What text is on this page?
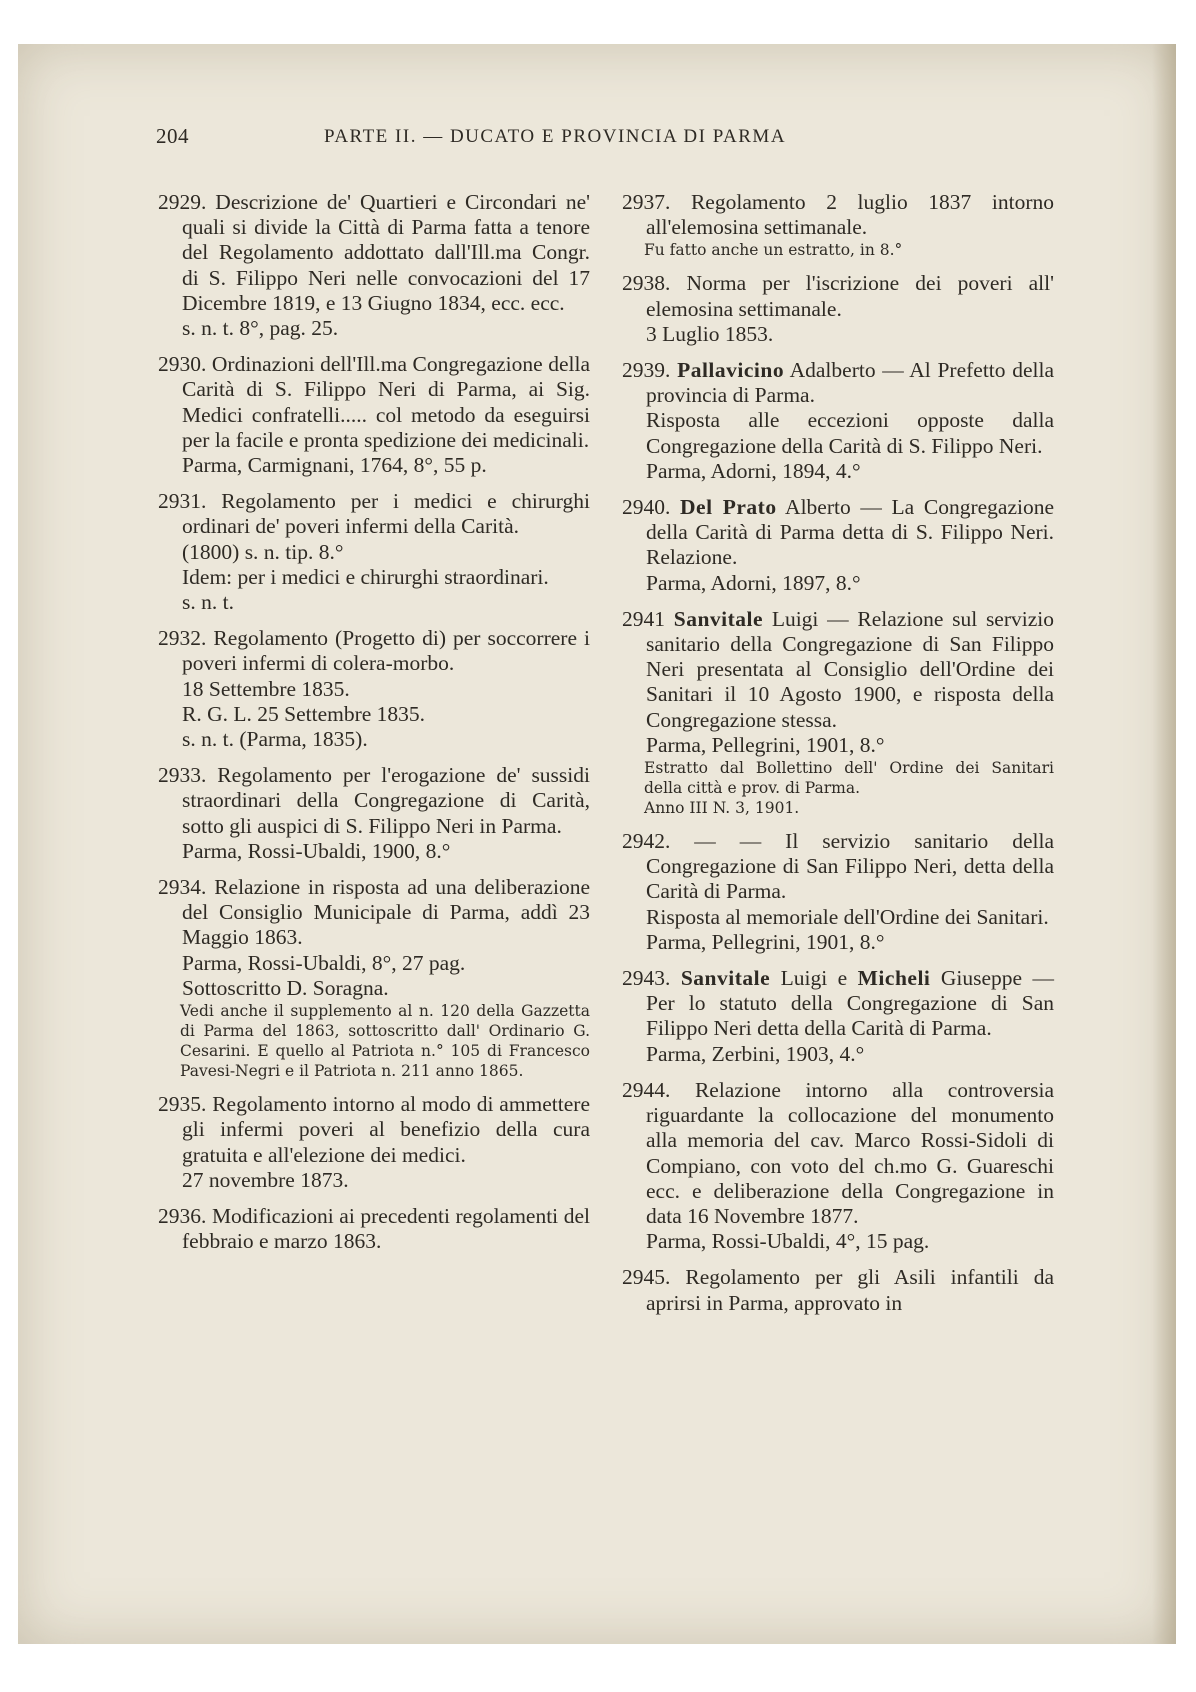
204	PARTE II. — DUCATO E PROVINCIA DI PARMA

2929. Descrizione de' Quartieri e Circondari ne' quali si divide la Città di Parma fatta a tenore del Regolamento addottato dall'Ill.ma Congr. di S. Filippo Neri nelle convocazioni del 17 Dicembre 1819, e 13 Giugno 1834, ecc. ecc.

s. n. t. 8°, pag. 25.

2930. Ordinazioni dell'Ill.ma Congregazione della Carità di S. Filippo Neri di Parma, ai Sig. Medici confratelli..... col metodo da eseguirsi per la facile e pronta spedizione dei medicinali.

Parma, Carmignani, 1764, 8°, 55 p.

2931. Regolamento per i medici e chirurghi ordinari de' poveri infermi della Carità.

(1800) s. n. tip. 8.°

Idem: per i medici e chirurghi straordinari.

s. n. t.

2932. Regolamento (Progetto di) per soccorrere i poveri infermi di colera-morbo.

18 Settembre 1835.

R. G. L. 25 Settembre 1835.

s. n. t. (Parma, 1835).

2933. Regolamento per l'erogazione de' sussidi straordinari della Congregazione di Carità, sotto gli auspici di S. Filippo Neri in Parma.

Parma, Rossi-Ubaldi, 1900, 8.°

2934. Relazione in risposta ad una deliberazione del Consiglio Municipale di Parma, addì 23 Maggio 1863.

Parma, Rossi-Ubaldi, 8°, 27 pag.

Sottoscritto D. Soragna.

Vedi anche il supplemento al n. 120 della Gazzetta di Parma del 1863, sottoscritto dall' Ordinario G. Cesarini. E quello al Patriota n.° 105 di Francesco Pavesi-Negri e il Patriota n. 211 anno 1865.

2935. Regolamento intorno al modo di ammettere gli infermi poveri al benefizio della cura gratuita e all'elezione dei medici.

27 novembre 1873.

2936. Modificazioni ai precedenti regolamenti del febbraio e marzo 1863.

2937. Regolamento 2 luglio 1837 intorno all'elemosina settimanale.

Fu fatto anche un estratto, in 8.°

2938. Norma per l'iscrizione dei poveri all' elemosina settimanale.

3 Luglio 1853.

2939. Pallavicino Adalberto — Al Prefetto della provincia di Parma.

Risposta alle eccezioni opposte dalla Congregazione della Carità di S. Filippo Neri.

Parma, Adorni, 1894, 4.°

2940. Del Prato Alberto — La Congregazione della Carità di Parma detta di S. Filippo Neri. Relazione.

Parma, Adorni, 1897, 8.°

2941 Sanvitale Luigi — Relazione sul servizio sanitario della Congregazione di San Filippo Neri presentata al Consiglio dell'Ordine dei Sanitari il 10 Agosto 1900, e risposta della Congregazione stessa.

Parma, Pellegrini, 1901, 8.°

Estratto dal Bollettino dell' Ordine dei Sanitari della città e prov. di Parma.

Anno III N. 3, 1901.

2942. — — Il servizio sanitario della Congregazione di San Filippo Neri, detta della Carità di Parma.

Risposta al memoriale dell'Ordine dei Sanitari.

Parma, Pellegrini, 1901, 8.°

2943. Sanvitale Luigi e Micheli Giuseppe — Per lo statuto della Congregazione di San Filippo Neri detta della Carità di Parma.

Parma, Zerbini, 1903, 4.°

2944. Relazione intorno alla controversia riguardante la collocazione del monumento alla memoria del cav. Marco Rossi-Sidoli di Compiano, con voto del ch.mo G. Guareschi ecc. e deliberazione della Congregazione in data 16 Novembre 1877.

Parma, Rossi-Ubaldi, 4°, 15 pag.

2945. Regolamento per gli Asili infantili da aprirsi in Parma, approvato in
